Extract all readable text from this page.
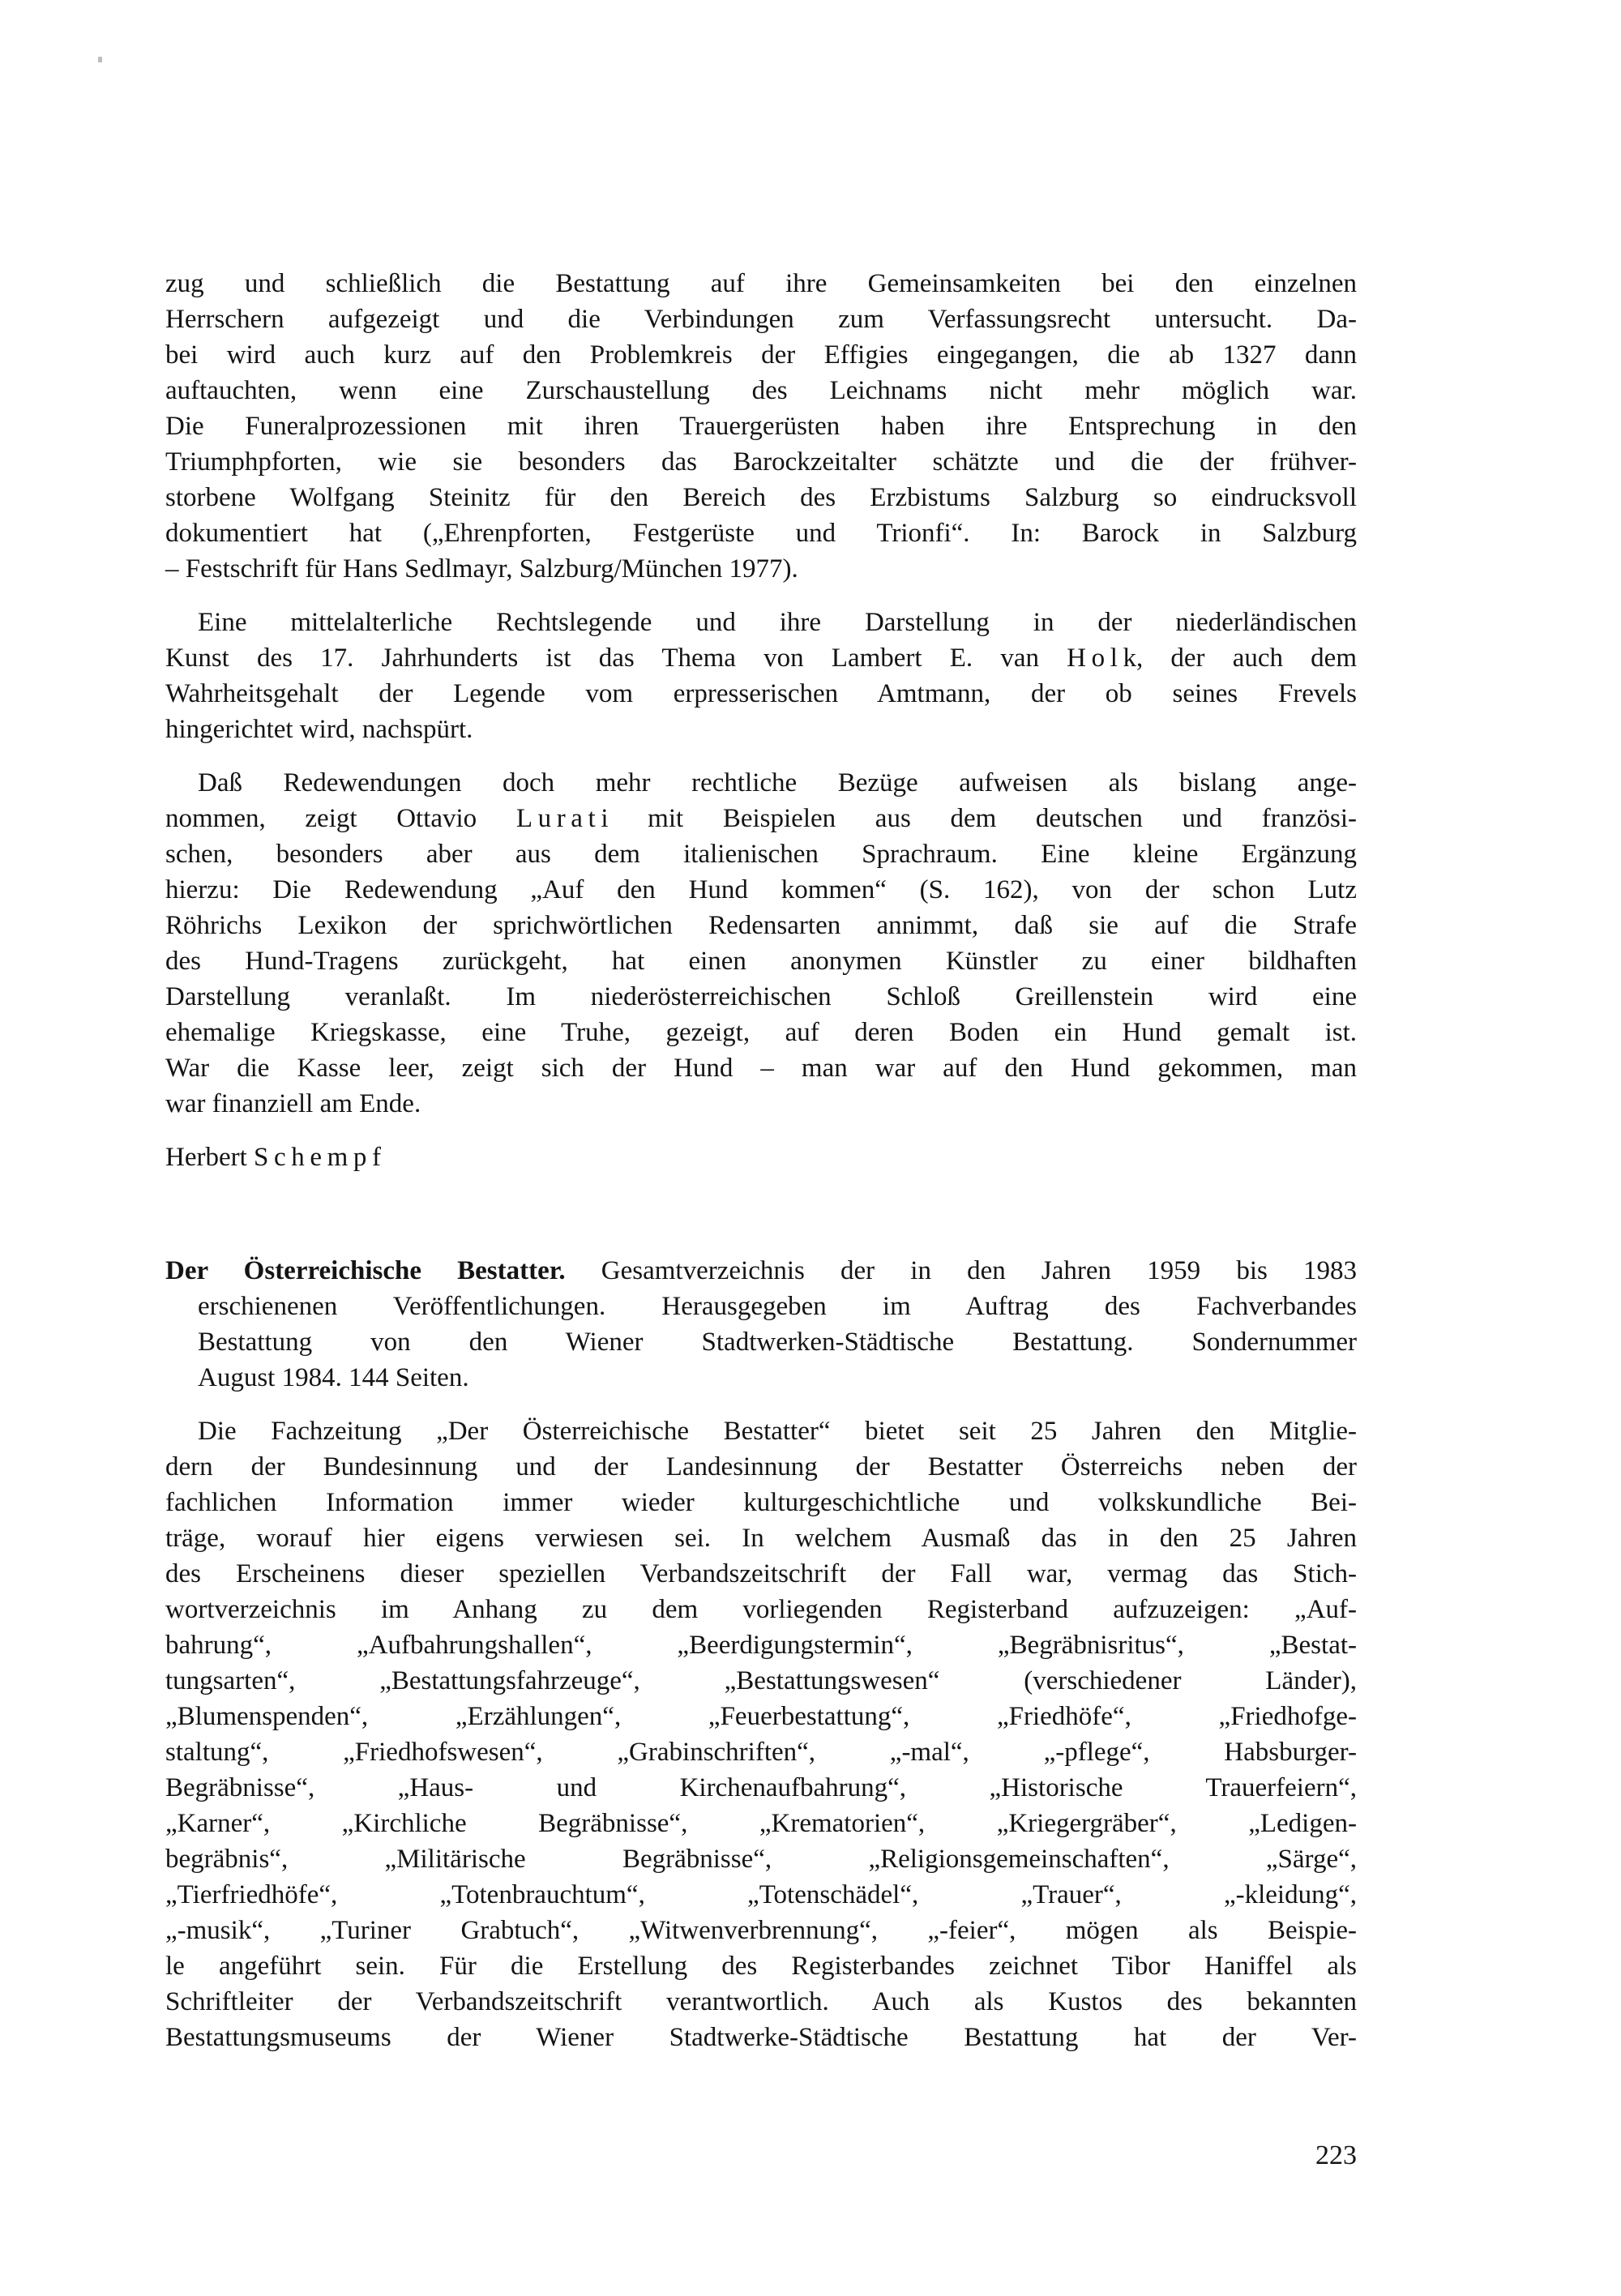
zug und schließlich die Bestattung auf ihre Gemeinsamkeiten bei den einzelnen
Herrschern aufgezeigt und die Verbindungen zum Verfassungsrecht untersucht. Da-
bei wird auch kurz auf den Problemkreis der Effigies eingegangen, die ab 1327 dann
auftauchten, wenn eine Zurschaustellung des Leichnams nicht mehr möglich war.
Die Funeralprozessionen mit ihren Trauergerüsten haben ihre Entsprechung in den
Triumphpforten, wie sie besonders das Barockzeitalter schätzte und die der frühver-
storbene Wolfgang Steinitz für den Bereich des Erzbistums Salzburg so eindrucksvoll
dokumentiert hat („Ehrenpforten, Festgerüste und Trionfi“. In: Barock in Salzburg
– Festschrift für Hans Sedlmayr, Salzburg/München 1977).
Eine mittelalterliche Rechtslegende und ihre Darstellung in der niederländischen
Kunst des 17. Jahrhunderts ist das Thema von Lambert E. van H o l k, der auch dem
Wahrheitsgehalt der Legende vom erpresserischen Amtmann, der ob seines Frevels
hingerichtet wird, nachspürt.
Daß Redewendungen doch mehr rechtliche Bezüge aufweisen als bislang ange-
nommen, zeigt Ottavio L u r a t i mit Beispielen aus dem deutschen und französi-
schen, besonders aber aus dem italienischen Sprachraum. Eine kleine Ergänzung
hierzu: Die Redewendung „Auf den Hund kommen“ (S. 162), von der schon Lutz
Röhrichs Lexikon der sprichwörtlichen Redensarten annimmt, daß sie auf die Strafe
des Hund-Tragens zurückgeht, hat einen anonymen Künstler zu einer bildhaften
Darstellung veranlaßt. Im niederösterreichischen Schloß Greillenstein wird eine
ehemalige Kriegskasse, eine Truhe, gezeigt, auf deren Boden ein Hund gemalt ist.
War die Kasse leer, zeigt sich der Hund – man war auf den Hund gekommen, man
war finanziell am Ende.
Herbert S c h e m p f
Der Österreichische Bestatter. Gesamtverzeichnis der in den Jahren 1959 bis 1983
erschienenen Veröffentlichungen. Herausgegeben im Auftrag des Fachverbandes
Bestattung von den Wiener Stadtwerken-Städtische Bestattung. Sondernummer
August 1984. 144 Seiten.
Die Fachzeitung „Der Österreichische Bestatter“ bietet seit 25 Jahren den Mitglie-
dern der Bundesinnung und der Landesinnung der Bestatter Österreichs neben der
fachlichen Information immer wieder kulturgeschichtliche und volkskundliche Bei-
träge, worauf hier eigens verwiesen sei. In welchem Ausmaß das in den 25 Jahren
des Erscheinens dieser speziellen Verbandszeitschrift der Fall war, vermag das Stich-
wortverzeichnis im Anhang zu dem vorliegenden Registerband aufzuzeigen: „Auf-
bahrung“, „Aufbahrungshallen“, „Beerdigungstermin“, „Begräbnisritus“, „Bestat-
tungsarten“, „Bestattungsfahrzeuge“, „Bestattungswesen“ (verschiedener Länder),
„Blumenspenden“, „Erzählungen“, „Feuerbestattung“, „Friedhöfe“, „Friedhofge-
staltung“, „Friedhofswesen“, „Grabinschriften“, „-mal“, „-pflege“, Habsburger-
Begräbnisse“, „Haus- und Kirchenaufbahrung“, „Historische Trauerfeiern“,
„Karner“, „Kirchliche Begräbnisse“, „Krematorien“, „Kriegergräber“, „Ledigen-
begräbnis“, „Militärische Begräbnisse“, „Religionsgemeinschaften“, „Särge“,
„Tierfriedhöfe“, „Totenbrauchtum“, „Totenschädel“, „Trauer“, „-kleidung“,
„-musik“, „Turiner Grabtuch“, „Witwenverbrennung“, „-feier“, mögen als Beispie-
le angeführt sein. Für die Erstellung des Registerbandes zeichnet Tibor Haniffel als
Schriftleiter der Verbandszeitschrift verantwortlich. Auch als Kustos des bekannten
Bestattungsmuseums der Wiener Stadtwerke-Städtische Bestattung hat der Ver-
223
